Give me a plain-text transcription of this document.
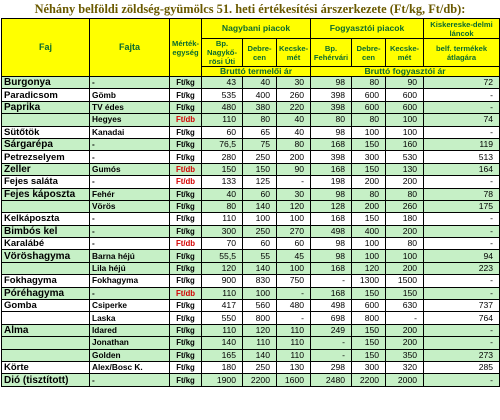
Néhány belföldi zöldség-gyümölcs 51. heti értékesítési árszerkezete (Ft/kg, Ft/db):
Faj	Fajta	Mérték-egység	Nagybani piacok			Fogyasztói piacok			Kiskereske-delmi láncok
			Bp. Nagykő-rösi Úti	Debre-cen	Kecske-mét	Bp. Fehérvári	Debre-cen	Kecske-mét	belf. termékek átlagára
			Bruttó termelői ár			Bruttó fogyasztói ár			
Burgonya	-	Ft/kg	43	40	30	98	80	90	72
Paradicsom	Gömb	Ft/kg	535	400	260	398	600	600	-
Paprika	TV édes	Ft/kg	480	380	220	398	600	600	-
	Hegyes	Ft/db	110	80	40	80	80	100	74
Sütőtök	Kanadai	Ft/kg	60	65	40	98	100	100	-
Sárgarépa	-	Ft/kg	76,5	75	80	168	150	160	119
Petrezselyem	-	Ft/kg	280	250	200	398	300	530	513
Zeller	Gumós	Ft/db	150	150	90	168	150	130	164
Fejes saláta	-	Ft/db	133	125	-	198	200	200	-
Fejes káposzta	Fehér	Ft/kg	40	60	30	98	80	80	78
	Vörös	Ft/kg	80	140	120	128	200	260	175
Kelkáposzta	-	Ft/kg	110	100	100	168	150	180	-
Bimbós kel	-	Ft/kg	300	250	270	498	400	200	-
Karalábé	-	Ft/db	70	60	60	98	100	80	-
Vöröshagyma	Barna héjú	Ft/kg	55,5	55	45	98	100	100	94
	Lila héjú	Ft/kg	120	140	100	168	120	200	223
Fokhagyma	Fokhagyma	Ft/kg	900	830	750	-	1300	1500	-
Póréhagyma	-	Ft/db	110	100	-	168	150	150	-
Gomba	Csiperke	Ft/kg	417	560	480	498	600	630	737
	Laska	Ft/kg	550	800	-	698	800	-	764
Alma	Idared	Ft/kg	110	120	110	249	150	200	-
	Jonathan	Ft/kg	140	110	110	-	150	200	-
	Golden	Ft/kg	165	140	110	-	150	350	273
Körte	Alex/Bosc K.	Ft/kg	180	250	130	298	300	320	285
Dió (tisztított)	-	Ft/kg	1900	2200	1600	2480	2200	2000	-
